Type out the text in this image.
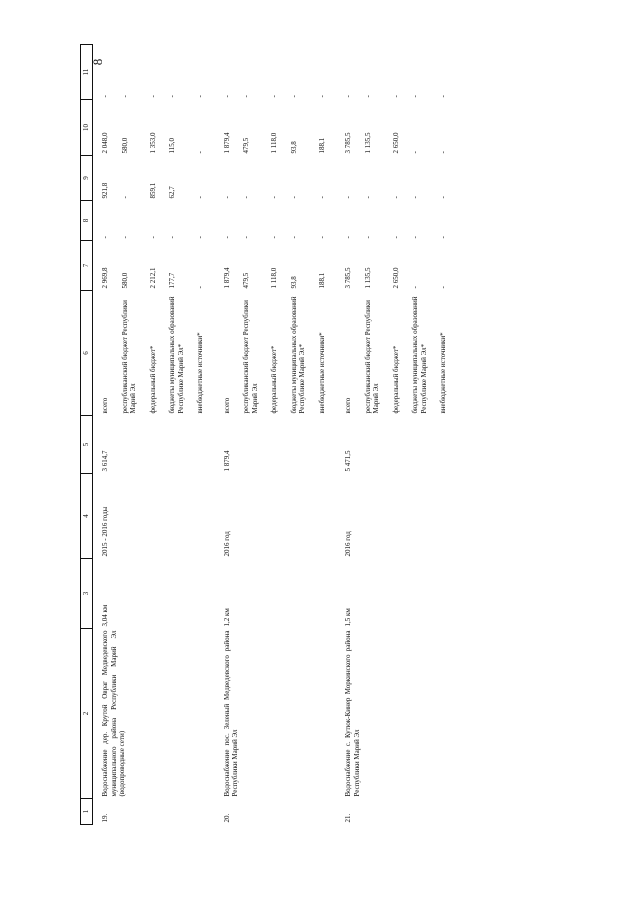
8
1	2	3	4	5	6	7	8	9	10	11
19.	Водоснабжение дер. Крутой Овраг Медведевского муниципального района Республики Марий Эл (водопроводные сети)	3,04 км	2015 - 2016 годы	3 614,7	всего	2 969,8	-	921,8	2 048,0	-
					республиканский бюджет Республики Марий Эл	580,0	-	-	580,0	-
					федеральный бюджет*	2 212,1	-	859,1	1 353,0	-
					бюджеты муниципальных образований Республике Марий Эл*	177,7	-	62,7	115,0	-
					внебюджетные источники*	-	-	-	-	-
20.	Водоснабжение пос. Зеленый Медведевского района Республики Марий Эл	1,2 км	2016 год	1 879,4	всего	1 879,4	-	-	1 879,4	-
					республиканский бюджет Республики Марий Эл	479,5	-	-	479,5	-
					федеральный бюджет*	1 118,0	-	-	1 118,0	-
					бюджеты муниципальных образований Республике Марий Эл*	93,8	-	-	93,8	-
					внебюджетные источники*	188,1	-	-	188,1	-
21.	Водоснабжение с. Кутюк-Кинер Моркинского района Республики Марий Эл	1,5 км	2016 год	5 471,5	всего	3 785,5	-	-	3 785,5	-
					республиканский бюджет Республики Марий Эл	1 135,5	-	-	1 135,5	-
					федеральный бюджет*	2 650,0	-	-	2 650,0	-
					бюджеты муниципальных образований Республике Марий Эл*	-	-	-	-	-
					внебюджетные источники*	-	-	-	-	-
